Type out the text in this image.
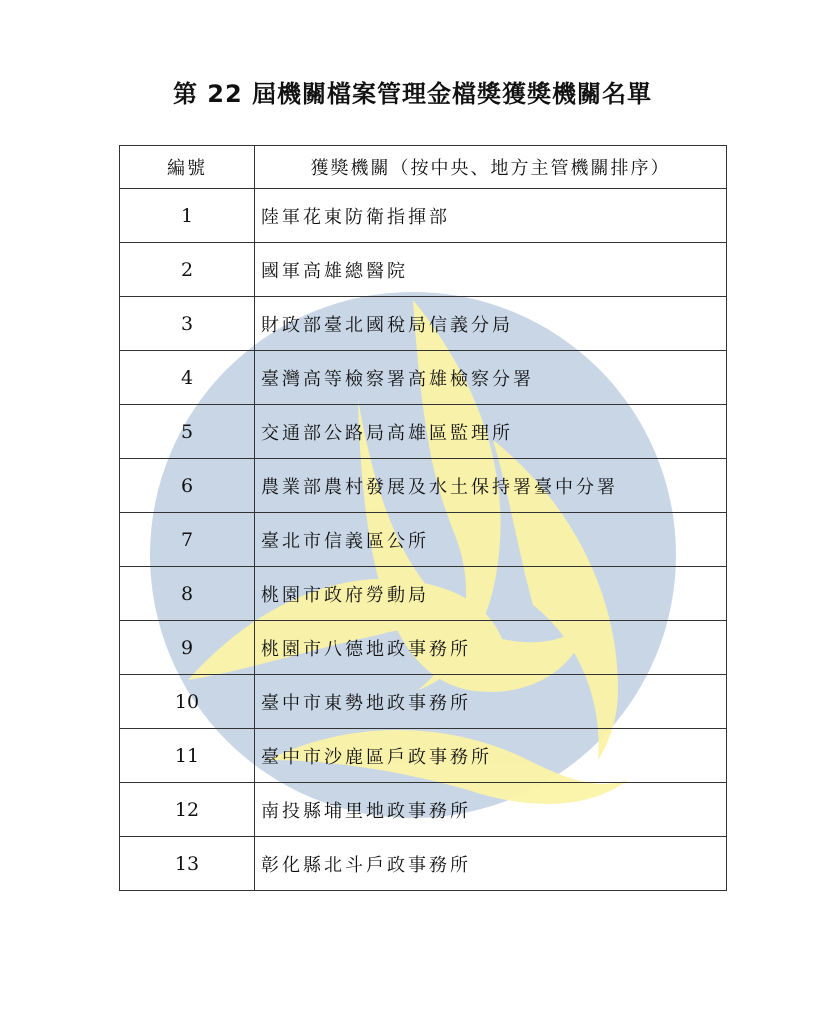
第 22 屆機關檔案管理金檔獎獲獎機關名單
編號	獲獎機關（按中央、地方主管機關排序）
1	陸軍花東防衛指揮部
2	國軍高雄總醫院
3	財政部臺北國稅局信義分局
4	臺灣高等檢察署高雄檢察分署
5	交通部公路局高雄區監理所
6	農業部農村發展及水土保持署臺中分署
7	臺北市信義區公所
8	桃園市政府勞動局
9	桃園市八德地政事務所
10	臺中市東勢地政事務所
11	臺中市沙鹿區戶政事務所
12	南投縣埔里地政事務所
13	彰化縣北斗戶政事務所
